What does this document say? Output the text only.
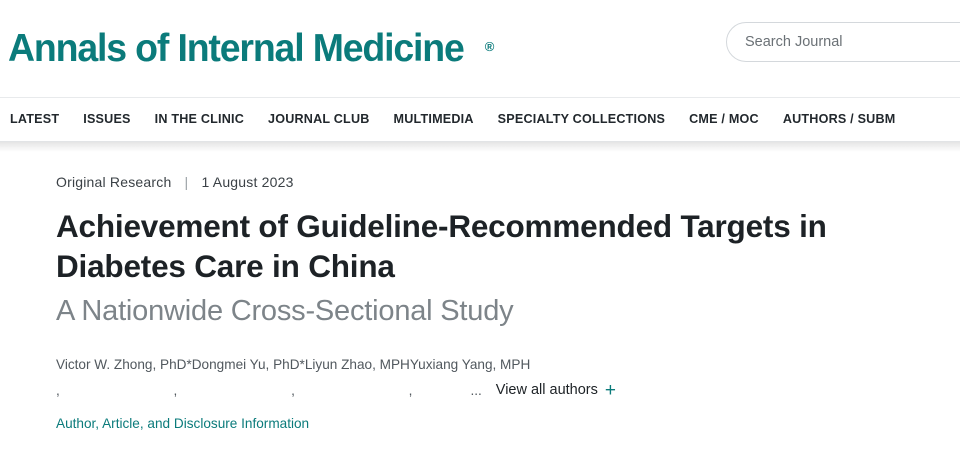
Annals of Internal Medicine ®
Search Journal
LATEST	ISSUES	IN THE CLINIC	JOURNAL CLUB	MULTIMEDIA	SPECIALTY COLLECTIONS	CME / MOC	AUTHORS / SUBM
Original Research | 1 August 2023
Achievement of Guideline-Recommended Targets in Diabetes Care in China
A Nationwide Cross-Sectional Study
Victor W. Zhong, PhD*Dongmei Yu, PhD*Liyun Zhao, MPHYuxiang Yang, MPH
, , , , ... View all authors +
Author, Article, and Disclosure Information
